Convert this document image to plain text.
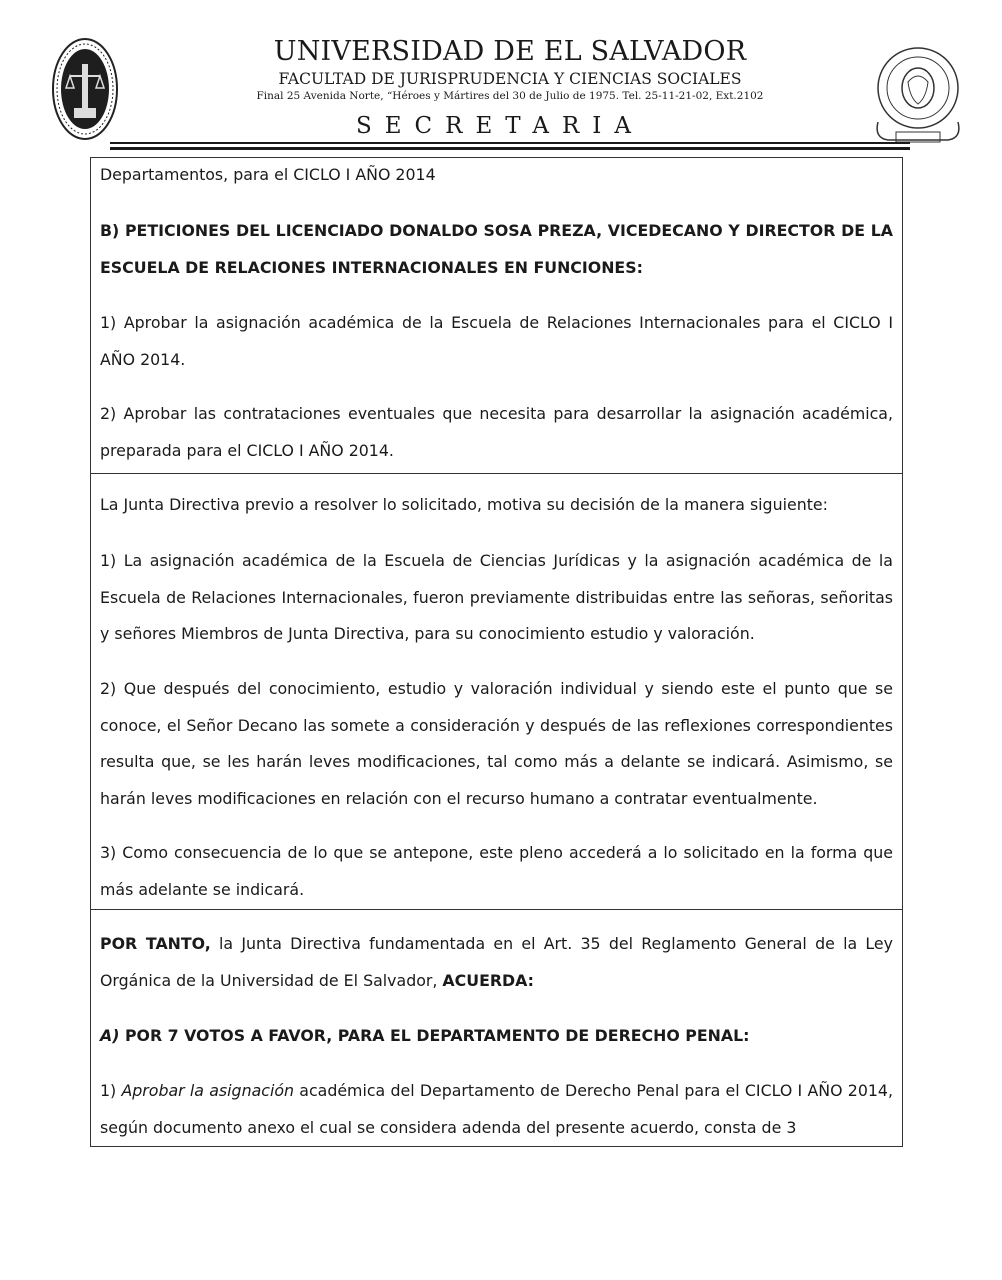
UNIVERSIDAD DE EL SALVADOR
FACULTAD DE JURISPRUDENCIA Y CIENCIAS SOCIALES
Final 25 Avenida Norte, “Héroes y Mártires del 30 de Julio de 1975. Tel. 25-11-21-02, Ext.2102
SECRETARIA

Departamentos, para el CICLO I AÑO 2014

B) PETICIONES DEL LICENCIADO DONALDO SOSA PREZA, VICEDECANO Y DIRECTOR DE LA ESCUELA DE RELACIONES INTERNACIONALES EN FUNCIONES:

1) Aprobar la asignación académica de la Escuela de Relaciones Internacionales para el CICLO I AÑO 2014.

2) Aprobar las contrataciones eventuales que necesita para desarrollar la asignación académica, preparada para el CICLO I AÑO 2014.

La Junta Directiva previo a resolver lo solicitado, motiva su decisión de la manera siguiente:

1) La asignación académica de la Escuela de Ciencias Jurídicas y la asignación académica de la Escuela de Relaciones Internacionales, fueron previamente distribuidas entre las señoras, señoritas y señores Miembros de Junta Directiva, para su conocimiento estudio y valoración.

2) Que después del conocimiento, estudio y valoración individual y siendo este el punto que se conoce, el Señor Decano las somete a consideración y después de las reflexiones correspondientes resulta que, se les harán leves modificaciones, tal como más a delante se indicará. Asimismo, se harán leves modificaciones en relación con el recurso humano a contratar eventualmente.

3) Como consecuencia de lo que se antepone, este pleno accederá a lo solicitado en la forma que más adelante se indicará.

POR TANTO, la Junta Directiva fundamentada en el Art. 35 del Reglamento General de la Ley Orgánica de la Universidad de El Salvador, ACUERDA:

A) POR 7 VOTOS A FAVOR, PARA EL DEPARTAMENTO DE DERECHO PENAL:

1) Aprobar la asignación académica del Departamento de Derecho Penal para el CICLO I AÑO 2014, según documento anexo el cual se considera adenda del presente acuerdo, consta de 3
